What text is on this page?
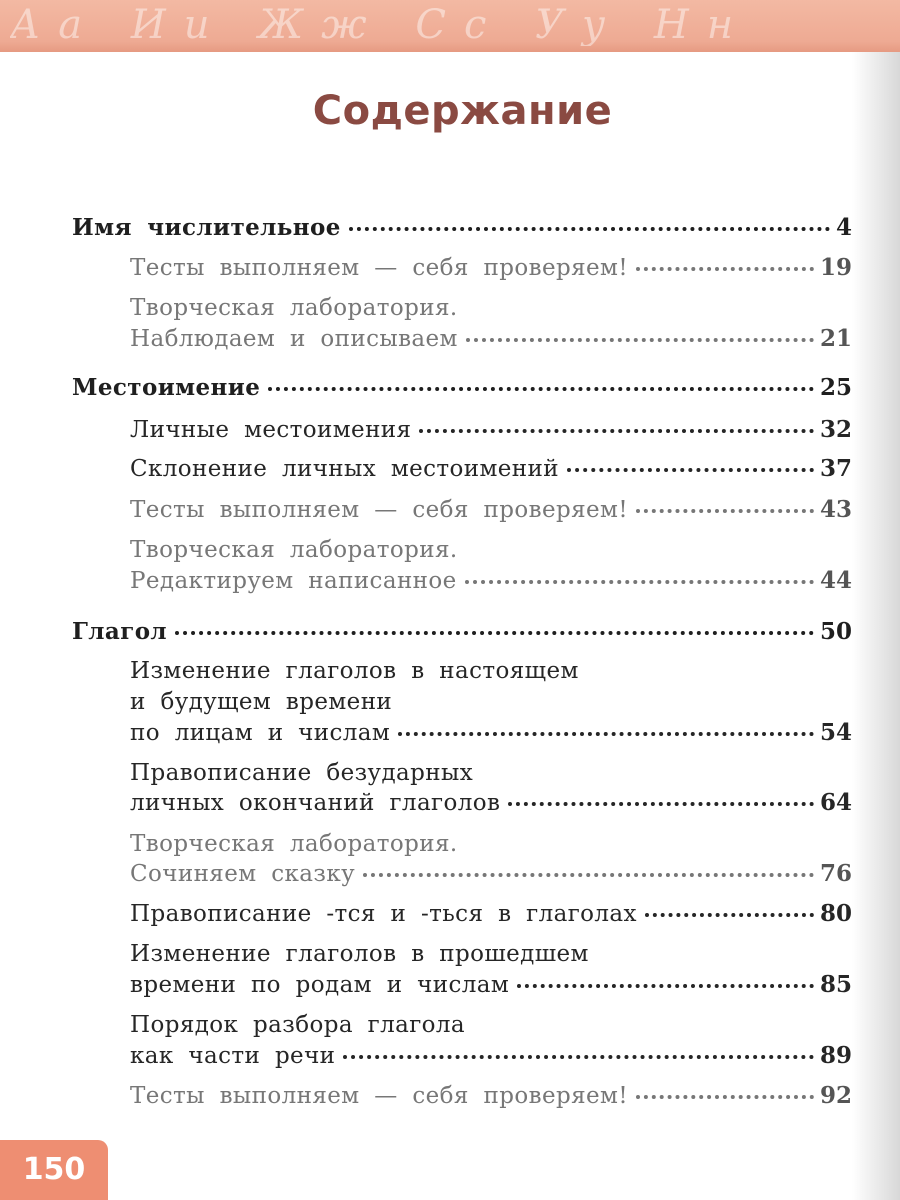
Аа Ии Жж Сс Уу Нн
Содержание
Имя числительное	4
Тесты выполняем — себя проверяем!	19
Творческая лаборатория.
Наблюдаем и описываем	21
Местоимение	25
Личные местоимения	32
Склонение личных местоимений	37
Тесты выполняем — себя проверяем!	43
Творческая лаборатория.
Редактируем написанное	44
Глагол	50
Изменение глаголов в настоящем
и будущем времени
по лицам и числам	54
Правописание безударных
личных окончаний глаголов	64
Творческая лаборатория.
Сочиняем сказку	76
Правописание -тся и -ться в глаголах	80
Изменение глаголов в прошедшем
времени по родам и числам	85
Порядок разбора глагола
как части речи	89
Тесты выполняем — себя проверяем!	92
150
